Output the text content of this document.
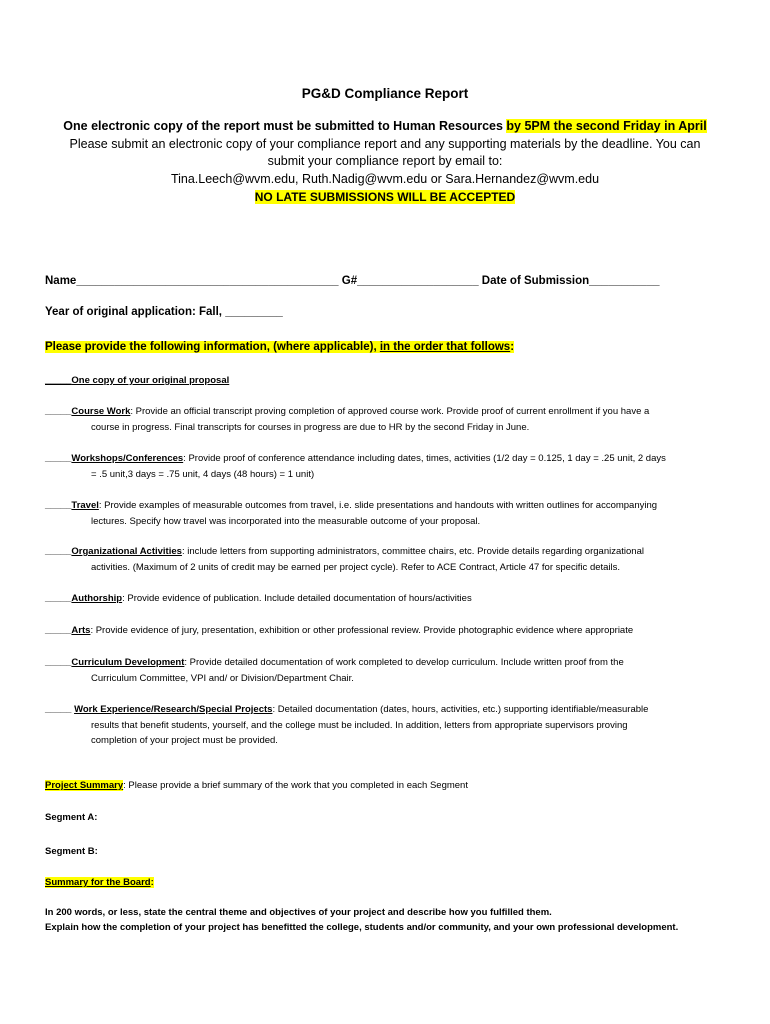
PG&D Compliance Report
One electronic copy of the report must be submitted to Human Resources by 5PM the second Friday in April
Please submit an electronic copy of your compliance report and any supporting materials by the deadline. You can
submit your compliance report by email to:
Tina.Leech@wvm.edu, Ruth.Nadig@wvm.edu or Sara.Hernandez@wvm.edu
NO LATE SUBMISSIONS WILL BE ACCEPTED
Name_________________________________________ G#___________________ Date of Submission___________
Year of original application: Fall, _________
Please provide the following information, (where applicable), in the order that follows:
_____One copy of your original proposal
_____Course Work: Provide an official transcript proving completion of approved course work. Provide proof of current enrollment if you have a
course in progress. Final transcripts for courses in progress are due to HR by the second Friday in June.
_____Workshops/Conferences: Provide proof of conference attendance including dates, times, activities (1/2 day = 0.125, 1 day = .25 unit, 2 days
= .5 unit,3 days = .75 unit, 4 days (48 hours) = 1 unit)
_____Travel: Provide examples of measurable outcomes from travel, i.e. slide presentations and handouts with written outlines for accompanying
lectures. Specify how travel was incorporated into the measurable outcome of your proposal.
_____Organizational Activities: include letters from supporting administrators, committee chairs, etc. Provide details regarding organizational
activities. (Maximum of 2 units of credit may be earned per project cycle). Refer to ACE Contract, Article 47 for specific details.
_____Authorship: Provide evidence of publication. Include detailed documentation of hours/activities
_____Arts: Provide evidence of jury, presentation, exhibition or other professional review. Provide photographic evidence where appropriate
_____Curriculum Development: Provide detailed documentation of work completed to develop curriculum. Include written proof from the
Curriculum Committee, VPI and/ or Division/Department Chair.
_____ Work Experience/Research/Special Projects: Detailed documentation (dates, hours, activities, etc.) supporting identifiable/measurable
results that benefit students, yourself, and the college must be included. In addition, letters from appropriate supervisors proving
completion of your project must be provided.
Project Summary: Please provide a brief summary of the work that you completed in each Segment
Segment A:
Segment B:
Summary for the Board:
In 200 words, or less, state the central theme and objectives of your project and describe how you fulfilled them.
Explain how the completion of your project has benefitted the college, students and/or community, and your own professional development.
